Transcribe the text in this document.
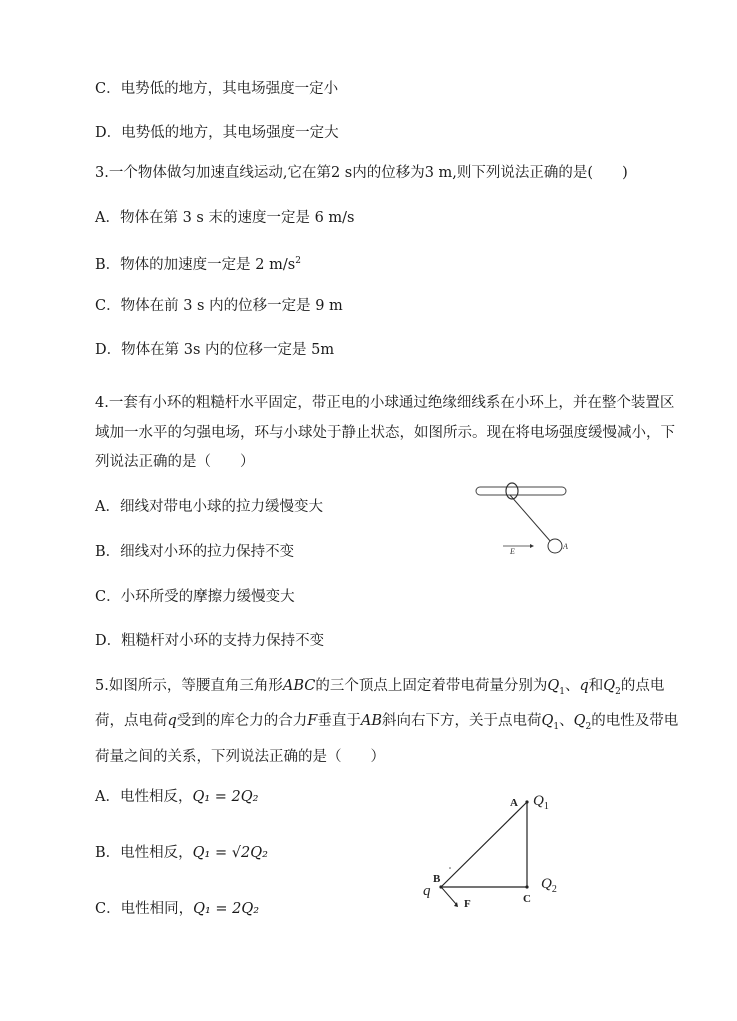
C．电势低的地方，其电场强度一定小
D．电势低的地方，其电场强度一定大
3.一个物体做匀加速直线运动,它在第2 s内的位移为3 m,则下列说法正确的是(　　)
A．物体在第 3 s 末的速度一定是 6 m/s
B．物体的加速度一定是 2 $m/s^2$
C．物体在前 3 s 内的位移一定是 9 m
D．物体在第 3s 内的位移一定是 5m
4.一套有小环的粗糙杆水平固定，带正电的小球通过绝缘细线系在小环上，并在整个装置区域加一水平的匀强电场，环与小球处于静止状态，如图所示。现在将电场强度缓慢减小，下列说法正确的是（　　）
A．细线对带电小球的拉力缓慢变大
B．细线对小环的拉力保持不变
C．小环所受的摩擦力缓慢变大
D．粗糙杆对小环的支持力保持不变
E
A
5.如图所示，等腰直角三角形ABC的三个顶点上固定着带电荷量分别为$Q_1$、q和$Q_2$的点电荷，点电荷q受到的库仑力的合力F垂直于AB斜向右下方，关于点电荷$Q_1$、$Q_2$的电性及带电荷量之间的关系，下列说法正确的是（　　）
A．电性相反，Q₁ = 2Q₂
B．电性相反，Q₁ = √2Q₂
C．电性相同，Q₁ = 2Q₂
A
B
C
$Q_1$
$Q_2$
q
F
